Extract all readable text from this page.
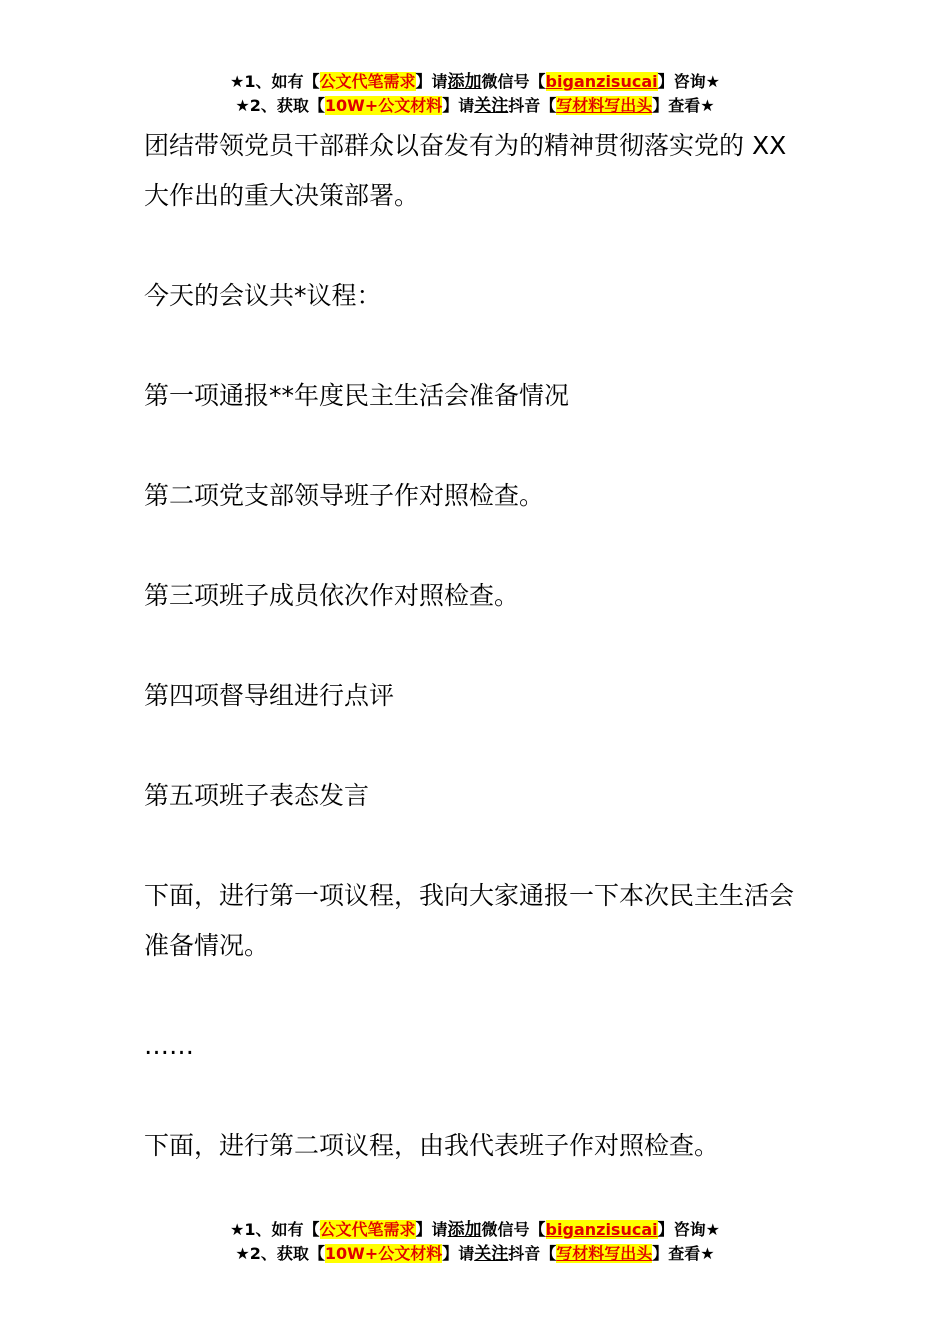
★1、如有【公文代笔需求】请添加微信号【biganzisucai】咨询★
★2、获取【10W+公文材料】请关注抖音【写材料写出头】查看★

团结带领党员干部群众以奋发有为的精神贯彻落实党的 XX 大作出的重大决策部署。

今天的会议共*议程：

第一项通报**年度民主生活会准备情况

第二项党支部领导班子作对照检查。

第三项班子成员依次作对照检查。

第四项督导组进行点评

第五项班子表态发言

下面，进行第一项议程，我向大家通报一下本次民主生活会准备情况。

……

下面，进行第二项议程，由我代表班子作对照检查。

★1、如有【公文代笔需求】请添加微信号【biganzisucai】咨询★
★2、获取【10W+公文材料】请关注抖音【写材料写出头】查看★
